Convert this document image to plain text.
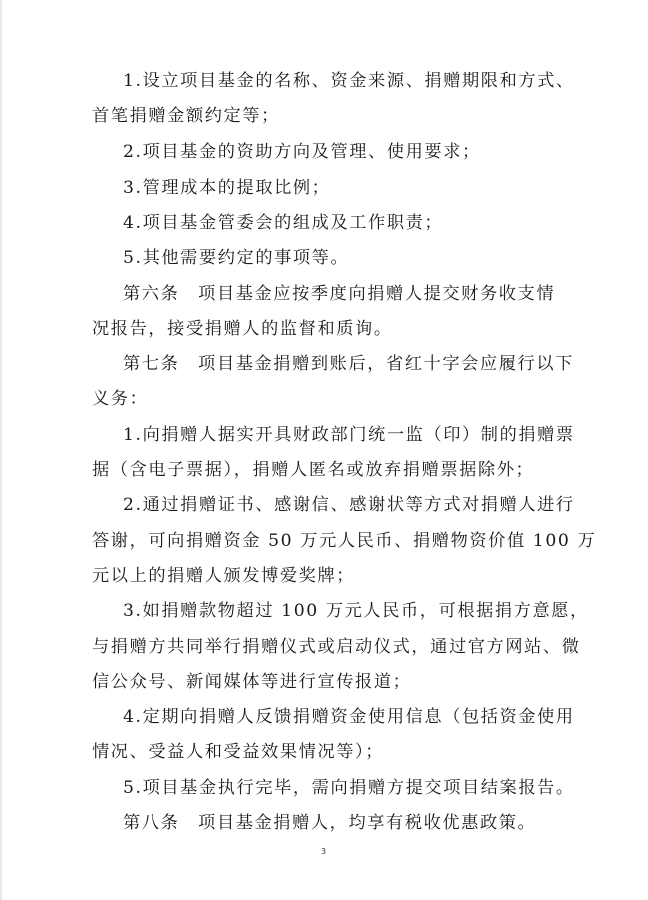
1.设立项目基金的名称、资金来源、捐赠期限和方式、
首笔捐赠金额约定等；
2.项目基金的资助方向及管理、使用要求；
3.管理成本的提取比例；
4.项目基金管委会的组成及工作职责；
5.其他需要约定的事项等。
第六条　项目基金应按季度向捐赠人提交财务收支情
况报告，接受捐赠人的监督和质询。
第七条　项目基金捐赠到账后，省红十字会应履行以下
义务：
1.向捐赠人据实开具财政部门统一监（印）制的捐赠票
据（含电子票据），捐赠人匿名或放弃捐赠票据除外；
2.通过捐赠证书、感谢信、感谢状等方式对捐赠人进行
答谢，可向捐赠资金 50 万元人民币、捐赠物资价值 100 万
元以上的捐赠人颁发博爱奖牌；
3.如捐赠款物超过 100 万元人民币，可根据捐方意愿，
与捐赠方共同举行捐赠仪式或启动仪式，通过官方网站、微
信公众号、新闻媒体等进行宣传报道；
4.定期向捐赠人反馈捐赠资金使用信息（包括资金使用
情况、受益人和受益效果情况等）；
5.项目基金执行完毕，需向捐赠方提交项目结案报告。
第八条　项目基金捐赠人，均享有税收优惠政策。
3
